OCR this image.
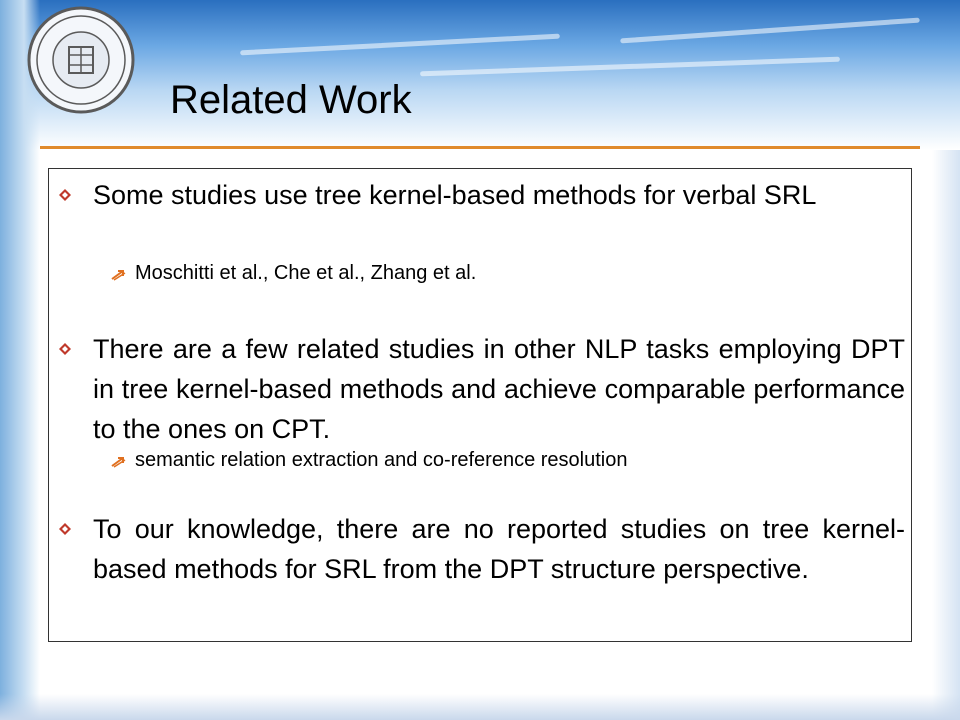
Related Work
Some studies use tree kernel-based methods for verbal SRL
Moschitti et al., Che et al., Zhang et al.
There are a few related studies in other NLP tasks employing DPT in tree kernel-based methods and achieve comparable performance to the ones on CPT.
semantic relation extraction and co-reference resolution
To our knowledge, there are no reported studies on tree kernel-based methods for SRL from the DPT structure perspective.
